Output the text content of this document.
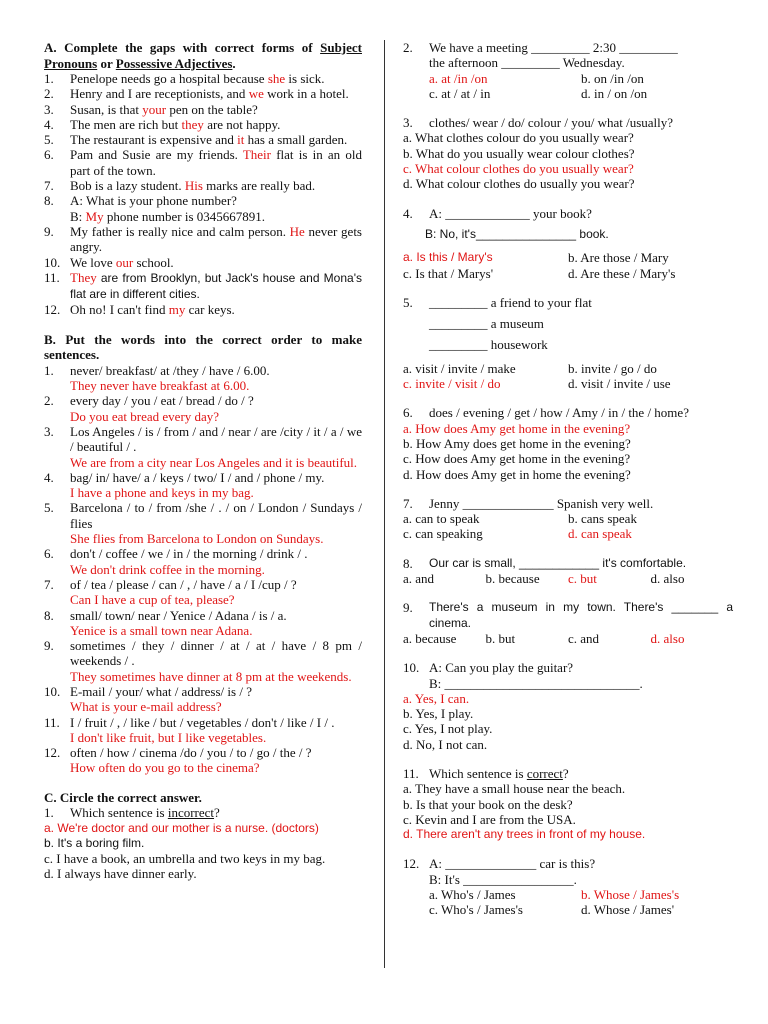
A. Complete the gaps with correct forms of Subject Pronouns or Possessive Adjectives.
1.	Penelope needs go a hospital because she is sick.
2.	Henry and I are receptionists, and we work in a hotel.
3.	Susan, is that your pen on the table?
4.	The men are rich but they are not happy.
5.	The restaurant is expensive and it has a small garden.
6.	Pam and Susie are my friends. Their flat is in an old part of the town.
7.	Bob is a lazy student. His marks are really bad.
8.	A: What is your phone number?
B: My phone number is 0345667891.
9.	My father is really nice and calm person. He never gets angry.
10. We love our school.
11. They are from Brooklyn, but Jack's house and Mona's flat are in different cities.
12. Oh no! I can't find my car keys.
B. Put the words into the correct order to make sentences.
1.	never/ breakfast/ at /they / have / 6.00.
They never have breakfast at 6.00.
2.	every day / you / eat / bread / do / ?
Do you eat bread every day?
3.	Los Angeles / is / from / and / near / are /city / it / a / we / beautiful / .
We are from a city near Los Angeles and it is beautiful.
4.	bag/ in/ have/ a / keys / two/ I / and / phone / my.
I have a phone and keys in my bag.
5.	Barcelona / to / from /she / . / on / London / Sundays / flies
She flies from Barcelona to London on Sundays.
6.	don't / coffee / we / in / the morning / drink / .
We don't drink coffee in the morning.
7.	of / tea / please / can / , / have / a / I /cup / ?
Can I have a cup of tea, please?
8.	small/ town/ near / Yenice / Adana / is / a.
Yenice is a small town near Adana.
9.	sometimes / they / dinner / at / at / have / 8 pm / weekends / .
They sometimes have dinner at 8 pm at the weekends.
10. E-mail / your/ what / address/ is / ?
What is your e-mail address?
11. I / fruit / , / like / but / vegetables / don't / like / I / .
I don't like fruit, but I like vegetables.
12. often / how / cinema /do / you / to / go / the / ?
How often do you go to the cinema?
C. Circle the correct answer.
1.	Which sentence is incorrect?
a. We're doctor and our mother is a nurse. (doctors)
b. It's a boring film.
c. I have a book, an umbrella and two keys in my bag.
d. I always have dinner early.
2.	We have a meeting _________ 2:30 _________
the afternoon _________ Wednesday.
a. at /in /on	b. on /in /on
c. at / at / in	d. in / on /on
3.	clothes/ wear / do/ colour / you/ what /usually?
a. What clothes colour do you usually wear?
b. What do you usually wear colour clothes?
c. What colour clothes do you usually wear?
d. What colour clothes do usually you wear?
4.	A: _____________ your book?
B: No, it's_______________ book.
a. Is this / Mary's	b. Are those / Mary
c. Is that / Marys'	d. Are these / Mary's
5.	_________ a friend to your flat
_________ a museum
_________ housework
a. visit / invite / make	b. invite / go / do
c. invite / visit / do	d. visit / invite / use
6.	does / evening / get / how / Amy / in / the / home?
a. How does Amy get home in the evening?
b. How Amy does get home in the evening?
c. How does Amy get home in the evening?
d. How does Amy get in home the evening?
7.	Jenny ______________ Spanish very well.
a. can to speak	b. cans speak
c. can speaking	d. can speak
8.	Our car is small, ____________ it's comfortable.
a. and	b. because	c. but	d. also
9.	There's a museum in my town. There's _______ a cinema.
a. because	b. but	c. and	d. also
10. A: Can you play the guitar?
B: ______________________________.
a. Yes, I can.
b. Yes, I play.
c. Yes, I not play.
d. No, I not can.
11. Which sentence is correct?
a. They have a small house near the beach.
b. Is that your book on the desk?
c. Kevin and I are from the USA.
d. There aren't any trees in front of my house.
12. A: ______________ car is this?
B: It's _________________.
a. Who's / James	b. Whose / James's
c. Who's / James's	d. Whose / James'
